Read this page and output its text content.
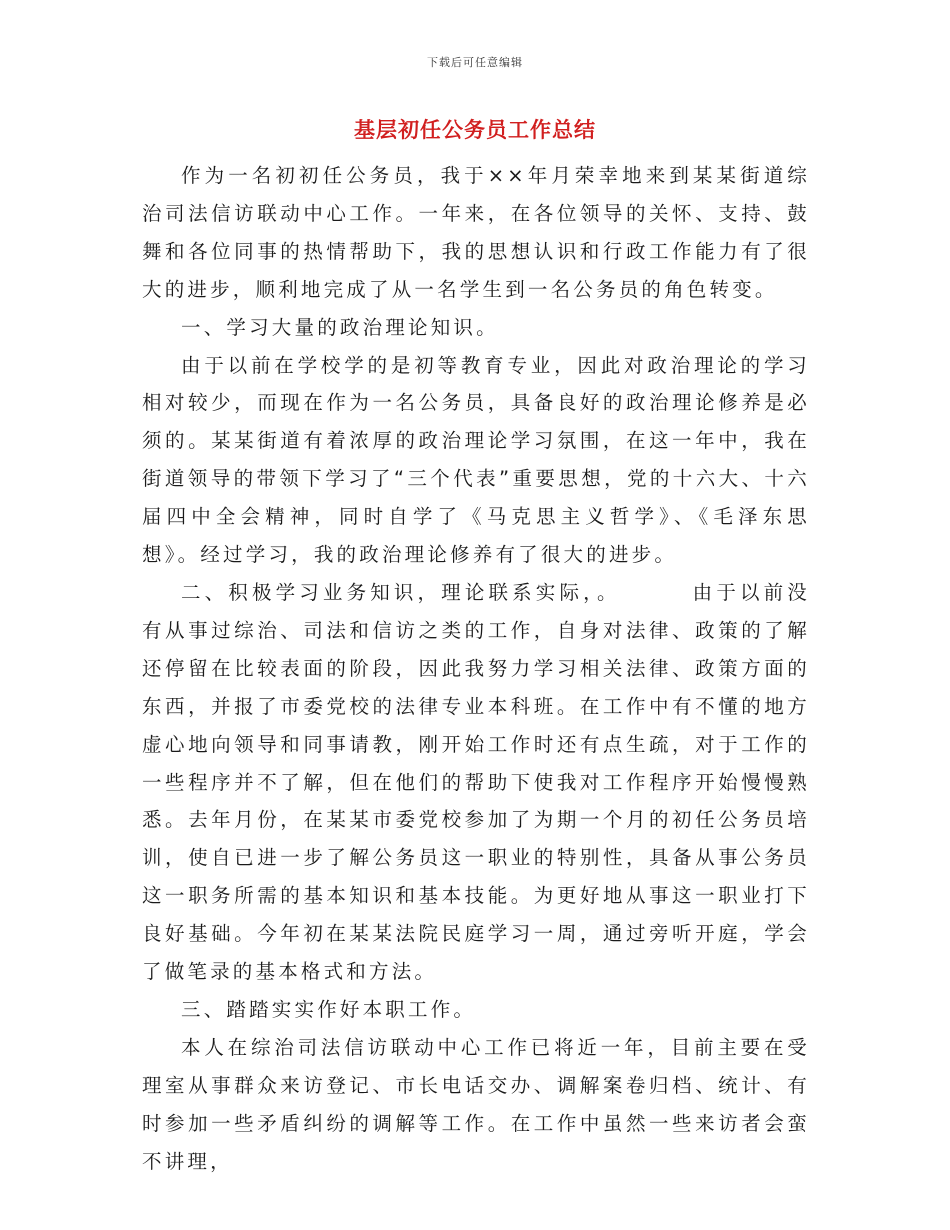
下载后可任意编辑
基层初任公务员工作总结

作为一名初初任公务员，我于××年月荣幸地来到某某街道综治司法信访联动中心工作。一年来，在各位领导的关怀、支持、鼓舞和各位同事的热情帮助下，我的思想认识和行政工作能力有了很大的进步，顺利地完成了从一名学生到一名公务员的角色转变。

一、学习大量的政治理论知识。

由于以前在学校学的是初等教育专业，因此对政治理论的学习相对较少，而现在作为一名公务员，具备良好的政治理论修养是必须的。某某街道有着浓厚的政治理论学习氛围，在这一年中，我在街道领导的带领下学习了“三个代表”重要思想，党的十六大、十六届四中全会精神，同时自学了《马克思主义哲学》、《毛泽东思想》。经过学习，我的政治理论修养有了很大的进步。

二、积极学习业务知识，理论联系实际，。	由于以前没有从事过综治、司法和信访之类的工作，自身对法律、政策的了解还停留在比较表面的阶段，因此我努力学习相关法律、政策方面的东西，并报了市委党校的法律专业本科班。在工作中有不懂的地方虚心地向领导和同事请教，刚开始工作时还有点生疏，对于工作的一些程序并不了解，但在他们的帮助下使我对工作程序开始慢慢熟悉。去年月份，在某某市委党校参加了为期一个月的初任公务员培训，使自已进一步了解公务员这一职业的特别性，具备从事公务员这一职务所需的基本知识和基本技能。为更好地从事这一职业打下良好基础。今年初在某某法院民庭学习一周，通过旁听开庭，学会了做笔录的基本格式和方法。

三、踏踏实实作好本职工作。

本人在综治司法信访联动中心工作已将近一年，目前主要在受理室从事群众来访登记、市长电话交办、调解案卷归档、统计、有时参加一些矛盾纠纷的调解等工作。在工作中虽然一些来访者会蛮不讲理，
